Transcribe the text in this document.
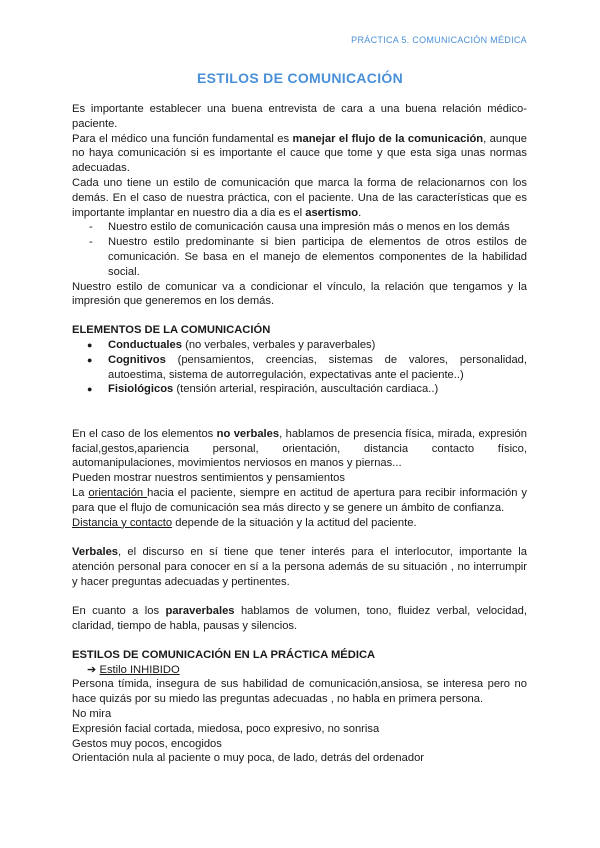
PRÁCTICA 5. COMUNICACIÓN MÉDICA
ESTILOS DE COMUNICACIÓN

Es importante establecer una buena entrevista de cara a una buena relación médico-paciente.

Para el médico una función fundamental es manejar el flujo de la comunicación, aunque no haya comunicación si es importante el cauce que tome y que esta siga unas normas adecuadas.

Cada uno tiene un estilo de comunicación que marca la forma de relacionarnos con los demás. En el caso de nuestra práctica, con el paciente. Una de las características que es importante implantar en nuestro dia a dia es el asertismo.

- Nuestro estilo de comunicación causa una impresión más o menos en los demás
- Nuestro estilo predominante si bien participa de elementos de otros estilos de comunicación. Se basa en el manejo de elementos componentes de la habilidad social.

Nuestro estilo de comunicar va a condicionar el vínculo, la relación que tengamos y la impresión que generemos en los demás.

ELEMENTOS DE LA COMUNICACIÓN

● Conductuales (no verbales, verbales y paraverbales)
● Cognitivos (pensamientos, creencias, sistemas de valores, personalidad, autoestima, sistema de autorregulación, expectativas ante el paciente..)
● Fisiológicos (tensión arterial, respiración, auscultación cardiaca..)

En el caso de los elementos no verbales, hablamos de presencia física, mirada, expresión facial,gestos,apariencia personal, orientación, distancia contacto físico, automanipulaciones, movimientos nerviosos en manos y piernas...

Pueden mostrar nuestros sentimientos y pensamientos

La orientación hacia el paciente, siempre en actitud de apertura para recibir información y para que el flujo de comunicación sea más directo y se genere un ámbito de confianza.

Distancia y contacto depende de la situación y la actitud del paciente.

Verbales, el discurso en sí tiene que tener interés para el interlocutor, importante la atención personal para conocer en sí a la persona además de su situación , no interrumpir y hacer preguntas adecuadas y pertinentes.

En cuanto a los paraverbales hablamos de volumen, tono, fluidez verbal, velocidad, claridad, tiempo de habla, pausas y silencios.

ESTILOS DE COMUNICACIÓN EN LA PRÁCTICA MÉDICA

➔ Estilo INHIBIDO

Persona tímida, insegura de sus habilidad de comunicación,ansiosa, se interesa pero no hace quizás por su miedo las preguntas adecuadas , no habla en primera persona.

No mira

Expresión facial cortada, miedosa, poco expresivo, no sonrisa

Gestos muy pocos, encogidos

Orientación nula al paciente o muy poca, de lado, detrás del ordenador
